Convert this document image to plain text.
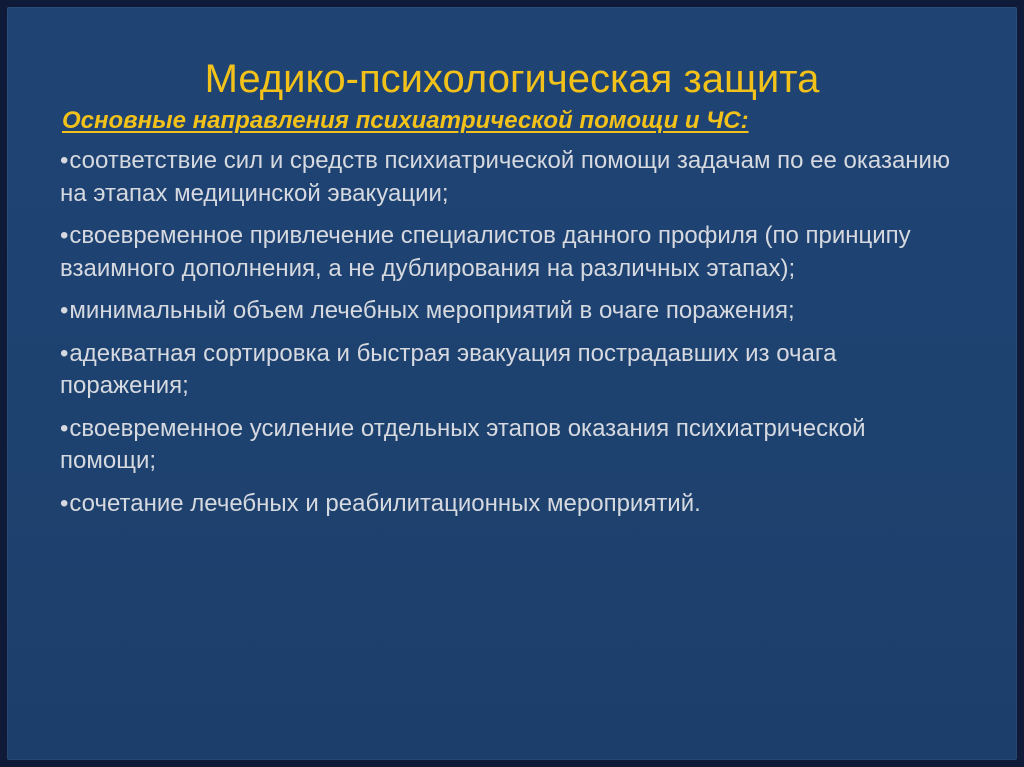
Медико-психологическая защита
Основные направления психиатрической помощи и ЧС:
•соответствие сил и средств психиатрической помощи задачам по ее оказанию на этапах медицинской эвакуации;
•своевременное привлечение специалистов данного профиля (по принципу взаимного дополнения, а не дублирования на различных этапах);
•минимальный объем лечебных мероприятий в очаге поражения;
•адекватная сортировка и быстрая эвакуация пострадавших из очага поражения;
•своевременное усиление отдельных этапов оказания психиатрической помощи;
•сочетание лечебных и реабилитационных мероприятий.
